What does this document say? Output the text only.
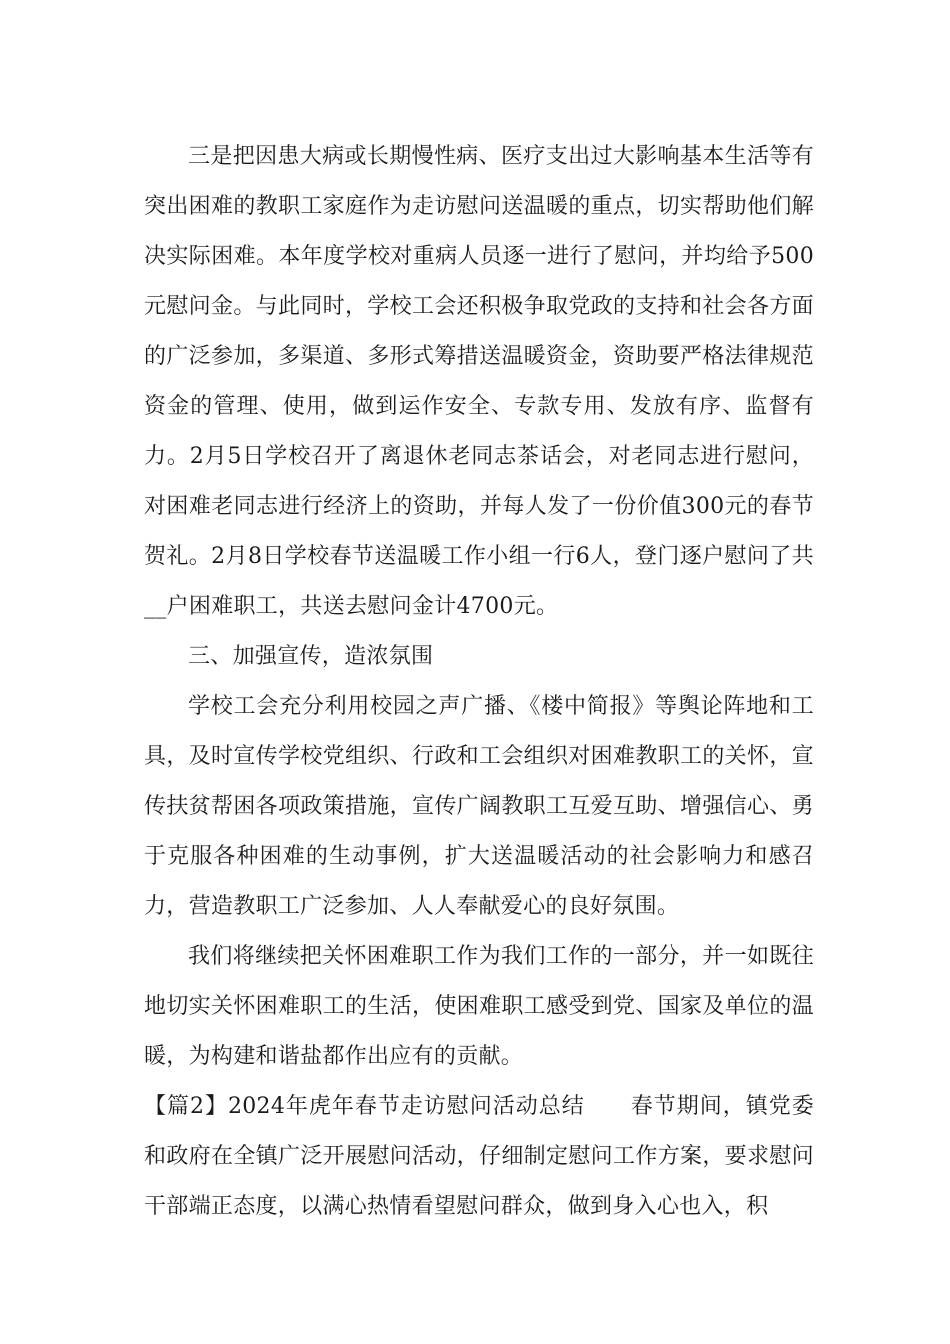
三是把因患大病或长期慢性病、医疗支出过大影响基本生活等有突出困难的教职工家庭作为走访慰问送温暖的重点，切实帮助他们解决实际困难。本年度学校对重病人员逐一进行了慰问，并均给予500元慰问金。与此同时，学校工会还积极争取党政的支持和社会各方面的广泛参加，多渠道、多形式筹措送温暖资金，资助要严格法律规范资金的管理、使用，做到运作安全、专款专用、发放有序、监督有力。2月5日学校召开了离退休老同志茶话会，对老同志进行慰问，对困难老同志进行经济上的资助，并每人发了一份价值300元的春节贺礼。2月8日学校春节送温暖工作小组一行6人，登门逐户慰问了共__户困难职工，共送去慰问金计4700元。

三、加强宣传，造浓氛围

学校工会充分利用校园之声广播、《楼中简报》等舆论阵地和工具，及时宣传学校党组织、行政和工会组织对困难教职工的关怀，宣传扶贫帮困各项政策措施，宣传广阔教职工互爱互助、增强信心、勇于克服各种困难的生动事例，扩大送温暖活动的社会影响力和感召力，营造教职工广泛参加、人人奉献爱心的良好氛围。

我们将继续把关怀困难职工作为我们工作的一部分，并一如既往地切实关怀困难职工的生活，使困难职工感受到党、国家及单位的温暖，为构建和谐盐都作出应有的贡献。

【篇2】2024年虎年春节走访慰问活动总结　　春节期间，镇党委和政府在全镇广泛开展慰问活动，仔细制定慰问工作方案，要求慰问干部端正态度，以满心热情看望慰问群众，做到身入心也入，积
